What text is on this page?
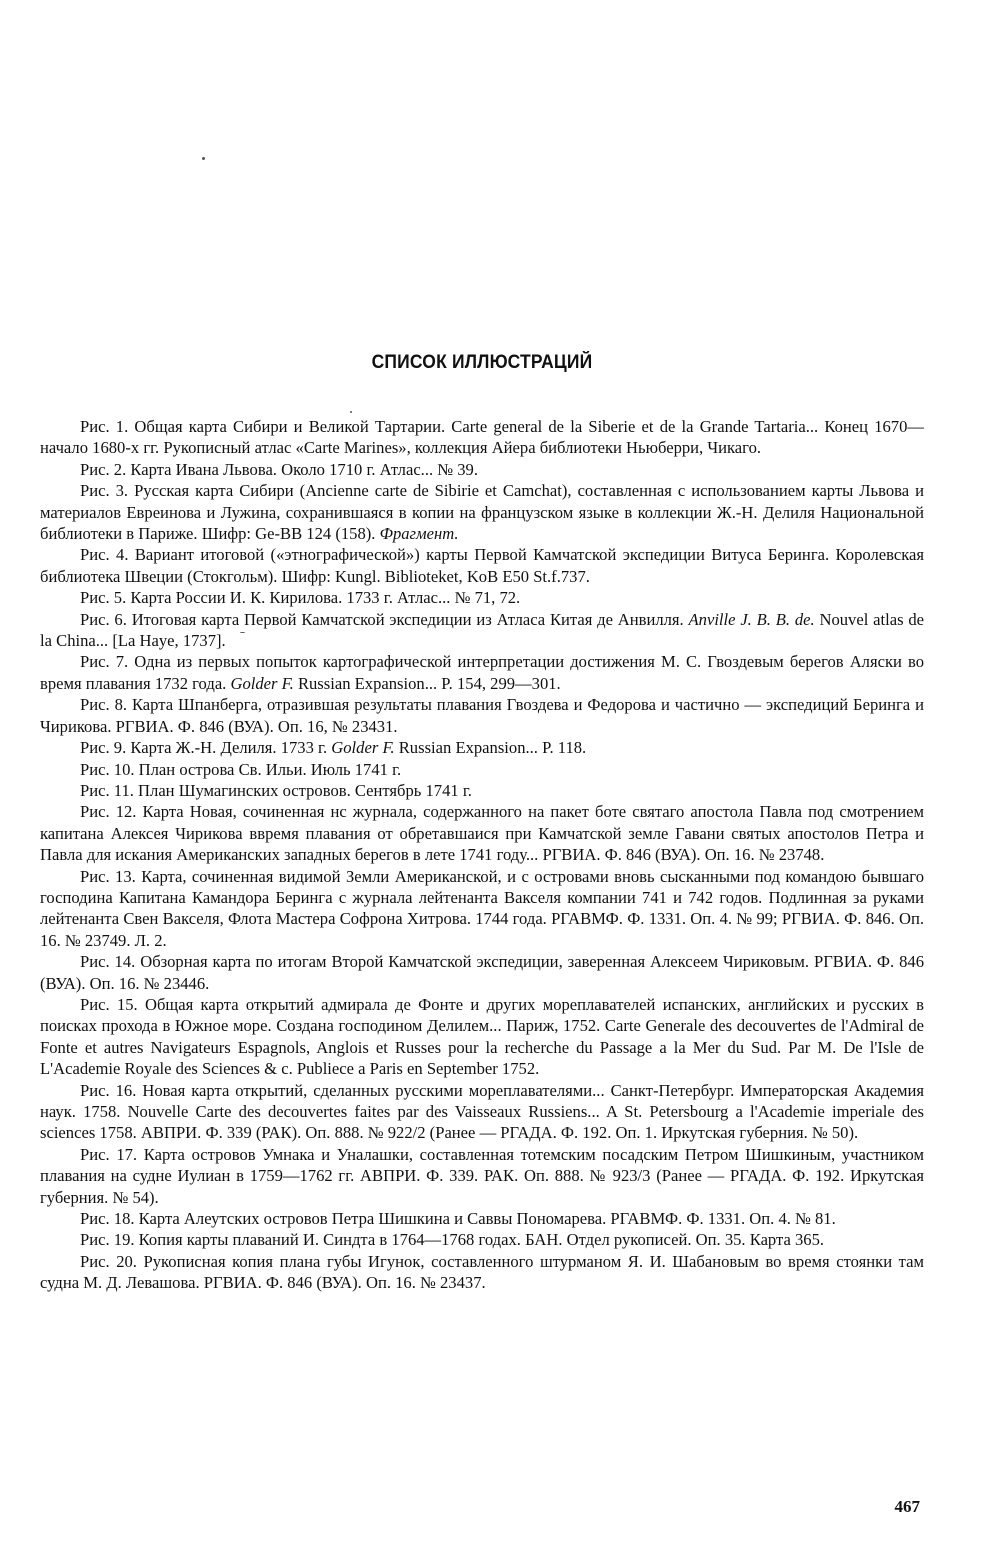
СПИСОК ИЛЛЮСТРАЦИЙ

Рис. 1. Общая карта Сибири и Великой Тартарии. Carte general de la Siberie et de la Grande Tartaria... Конец 1670—начало 1680-х гг. Рукописный атлас «Carte Marines», коллекция Айера библиотеки Ньюберри, Чикаго.

Рис. 2. Карта Ивана Львова. Около 1710 г. Атлас... № 39.

Рис. 3. Русская карта Сибири (Ancienne carte de Sibirie et Camchat), составленная с использованием карты Львова и материалов Евреинова и Лужина, сохранившаяся в копии на французском языке в коллекции Ж.-Н. Делиля Национальной библиотеки в Париже. Шифр: Ge-BB 124 (158). Фрагмент.

Рис. 4. Вариант итоговой («этнографической») карты Первой Камчатской экспедиции Витуса Беринга. Королевская библиотека Швеции (Стокгольм). Шифр: Kungl. Biblioteket, KoB E50 St.f.737.

Рис. 5. Карта России И. К. Кирилова. 1733 г. Атлас... № 71, 72.

Рис. 6. Итоговая карта Первой Камчатской экспедиции из Атласа Китая де Анвилля. Anville J. B. B. de. Nouvel atlas de la China... [La Haye, 1737].

Рис. 7. Одна из первых попыток картографической интерпретации достижения М. С. Гвоздевым берегов Аляски во время плавания 1732 года. Golder F. Russian Expansion... P. 154, 299—301.

Рис. 8. Карта Шпанберга, отразившая результаты плавания Гвоздева и Федорова и частично — экспедиций Беринга и Чирикова. РГВИА. Ф. 846 (ВУА). Оп. 16, № 23431.

Рис. 9. Карта Ж.-Н. Делиля. 1733 г. Golder F. Russian Expansion... P. 118.

Рис. 10. План острова Св. Ильи. Июль 1741 г.

Рис. 11. План Шумагинских островов. Сентябрь 1741 г.

Рис. 12. Карта Новая, сочиненная нс журнала, содержанного на пакет боте святаго апостола Павла под смотрением капитана Алексея Чирикова ввремя плавания от обретавшаися при Камчатской земле Гавани святых апостолов Петра и Павла для искания Американских западных берегов в лете 1741 году... РГВИА. Ф. 846 (ВУА). Оп. 16. № 23748.

Рис. 13. Карта, сочиненная видимой Земли Американской, и с островами вновь сысканными под командою бывшаго господина Капитана Камандора Беринга с журнала лейтенанта Вакселя компании 741 и 742 годов. Подлинная за руками лейтенанта Свен Вакселя, Флота Мастера Софрона Хитрова. 1744 года. РГАВМФ. Ф. 1331. Оп. 4. № 99; РГВИА. Ф. 846. Оп. 16. № 23749. Л. 2.

Рис. 14. Обзорная карта по итогам Второй Камчатской экспедиции, заверенная Алексеем Чириковым. РГВИА. Ф. 846 (ВУА). Оп. 16. № 23446.

Рис. 15. Общая карта открытий адмирала де Фонте и других мореплавателей испанских, английских и русских в поисках прохода в Южное море. Создана господином Делилем... Париж, 1752. Carte Generale des decouvertes de l'Admiral de Fonte et autres Navigateurs Espagnols, Anglois et Russes pour la recherche du Passage a la Mer du Sud. Par M. De l'Isle de L'Academie Royale des Sciences & c. Publiece a Paris en September 1752.

Рис. 16. Новая карта открытий, сделанных русскими мореплавателями... Санкт-Петербург. Императорская Академия наук. 1758. Nouvelle Carte des decouvertes faites par des Vaisseaux Russiens... A St. Petersbourg a l'Academie imperiale des sciences 1758. АВПРИ. Ф. 339 (РАК). Оп. 888. № 922/2 (Ранее — РГАДА. Ф. 192. Оп. 1. Иркутская губерния. № 50).

Рис. 17. Карта островов Умнака и Уналашки, составленная тотемским посадским Петром Шишкиным, участником плавания на судне Иулиан в 1759—1762 гг. АВПРИ. Ф. 339. РАК. Оп. 888. № 923/3 (Ранее — РГАДА. Ф. 192. Иркутская губерния. № 54).

Рис. 18. Карта Алеутских островов Петра Шишкина и Саввы Пономарева. РГАВМФ. Ф. 1331. Оп. 4. № 81.

Рис. 19. Копия карты плаваний И. Синдта в 1764—1768 годах. БАН. Отдел рукописей. Оп. 35. Карта 365.

Рис. 20. Рукописная копия плана губы Игунок, составленного штурманом Я. И. Шабановым во время стоянки там судна М. Д. Левашова. РГВИА. Ф. 846 (ВУА). Оп. 16. № 23437.

467
